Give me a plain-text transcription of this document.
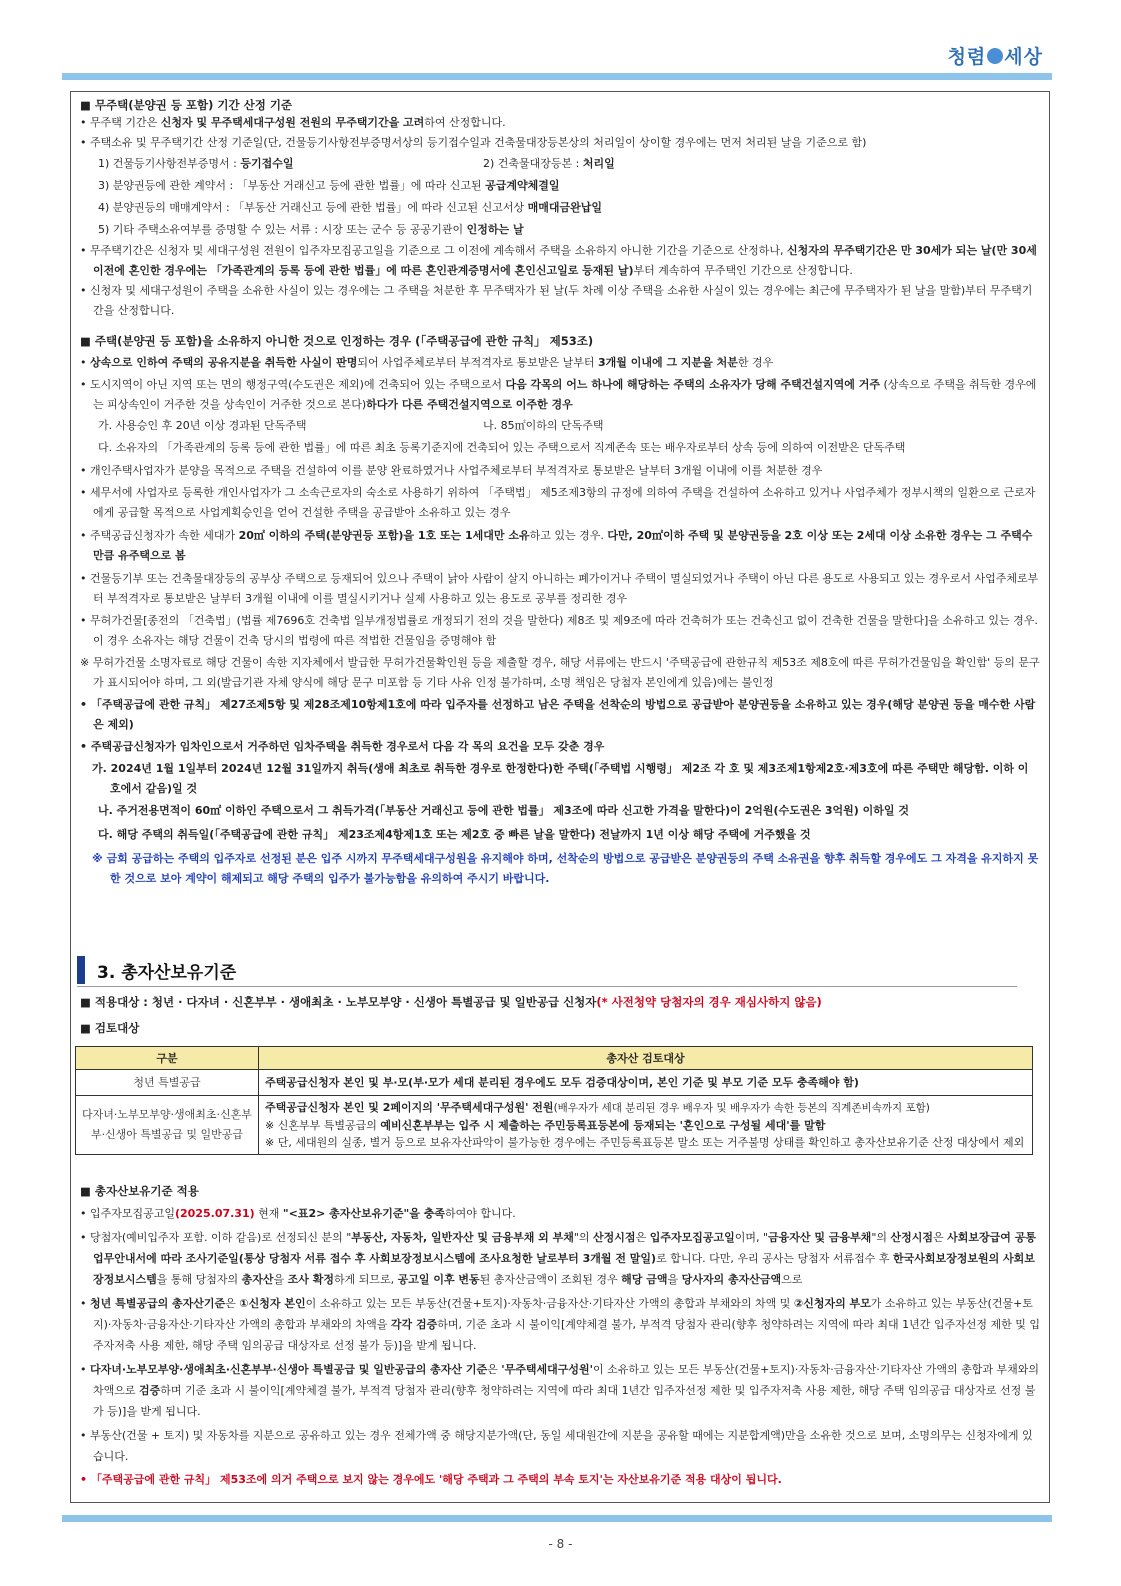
청렴 세상

■ 무주택(분양권 등 포함) 기간 산정 기준

• 무주택 기간은 신청자 및 무주택세대구성원 전원의 무주택기간을 고려하여 산정합니다.

• 주택소유 및 무주택기간 산정 기준일(단, 건물등기사항전부증명서상의 등기접수일과 건축물대장등본상의 처리일이 상이할 경우에는 먼저 처리된 날을 기준으로 함)

1) 건물등기사항전부증명서 : 등기접수일	2) 건축물대장등본 : 처리일

3) 분양권등에 관한 계약서 : 「부동산 거래신고 등에 관한 법률」에 따라 신고된 공급계약체결일

4) 분양권등의 매매계약서 : 「부동산 거래신고 등에 관한 법률」에 따라 신고된 신고서상 매매대금완납일

5) 기타 주택소유여부를 증명할 수 있는 서류 : 시장 또는 군수 등 공공기관이 인정하는 날

• 무주택기간은 신청자 및 세대구성원 전원이 입주자모집공고일을 기준으로 그 이전에 계속해서 주택을 소유하지 아니한 기간을 기준으로 산정하나, 신청자의 무주택기간은 만 30세가 되는 날(만 30세 이전에 혼인한 경우에는 「가족관계의 등록 등에 관한 법률」에 따른 혼인관계증명서에 혼인신고일로 등재된 날)부터 계속하여 무주택인 기간으로 산정합니다.

• 신청자 및 세대구성원이 주택을 소유한 사실이 있는 경우에는 그 주택을 처분한 후 무주택자가 된 날(두 차례 이상 주택을 소유한 사실이 있는 경우에는 최근에 무주택자가 된 날을 말함)부터 무주택기간을 산정합니다.

■ 주택(분양권 등 포함)을 소유하지 아니한 것으로 인정하는 경우 (「주택공급에 관한 규칙」 제53조)

• 상속으로 인하여 주택의 공유지분을 취득한 사실이 판명되어 사업주체로부터 부적격자로 통보받은 날부터 3개월 이내에 그 지분을 처분한 경우

• 도시지역이 아닌 지역 또는 면의 행정구역(수도권은 제외)에 건축되어 있는 주택으로서 다음 각목의 어느 하나에 해당하는 주택의 소유자가 당해 주택건설지역에 거주 (상속으로 주택을 취득한 경우에는 피상속인이 거주한 것을 상속인이 거주한 것으로 본다)하다가 다른 주택건설지역으로 이주한 경우

가. 사용승인 후 20년 이상 경과된 단독주택	나. 85㎡이하의 단독주택

다. 소유자의 「가족관계의 등록 등에 관한 법률」에 따른 최초 등록기준지에 건축되어 있는 주택으로서 직계존속 또는 배우자로부터 상속 등에 의하여 이전받은 단독주택

• 개인주택사업자가 분양을 목적으로 주택을 건설하여 이를 분양 완료하였거나 사업주체로부터 부적격자로 통보받은 날부터 3개월 이내에 이를 처분한 경우

• 세무서에 사업자로 등록한 개인사업자가 그 소속근로자의 숙소로 사용하기 위하여 「주택법」 제5조제3항의 규정에 의하여 주택을 건설하여 소유하고 있거나 사업주체가 정부시책의 일환으로 근로자에게 공급할 목적으로 사업계획승인을 얻어 건설한 주택을 공급받아 소유하고 있는 경우

• 주택공급신청자가 속한 세대가 20㎡ 이하의 주택(분양권등 포함)을 1호 또는 1세대만 소유하고 있는 경우. 다만, 20㎡이하 주택 및 분양권등을 2호 이상 또는 2세대 이상 소유한 경우는 그 주택수 만큼 유주택으로 봄

• 건물등기부 또는 건축물대장등의 공부상 주택으로 등재되어 있으나 주택이 낡아 사람이 살지 아니하는 폐가이거나 주택이 멸실되었거나 주택이 아닌 다른 용도로 사용되고 있는 경우로서 사업주체로부터 부적격자로 통보받은 날부터 3개월 이내에 이를 멸실시키거나 실제 사용하고 있는 용도로 공부를 정리한 경우

• 무허가건물[종전의 「건축법」(법률 제7696호 건축법 일부개정법률로 개정되기 전의 것을 말한다) 제8조 및 제9조에 따라 건축허가 또는 건축신고 없이 건축한 건물을 말한다]을 소유하고 있는 경우. 이 경우 소유자는 해당 건물이 건축 당시의 법령에 따른 적법한 건물임을 증명해야 함

※ 무허가건물 소명자료로 해당 건물이 속한 지자체에서 발급한 무허가건물확인원 등을 제출할 경우, 해당 서류에는 반드시 '주택공급에 관한규칙 제53조 제8호에 따른 무허가건물임을 확인함' 등의 문구가 표시되어야 하며, 그 외(발급기관 자체 양식에 해당 문구 미포함 등 기타 사유 인정 불가하며, 소명 책임은 당첨자 본인에게 있음)에는 불인정

• 「주택공급에 관한 규칙」 제27조제5항 및 제28조제10항제1호에 따라 입주자를 선정하고 남은 주택을 선착순의 방법으로 공급받아 분양권등을 소유하고 있는 경우(해당 분양권 등을 매수한 사람은 제외)

• 주택공급신청자가 임차인으로서 거주하던 임차주택을 취득한 경우로서 다음 각 목의 요건을 모두 갖춘 경우

가. 2024년 1월 1일부터 2024년 12월 31일까지 취득(생애 최초로 취득한 경우로 한정한다)한 주택(「주택법 시행령」 제2조 각 호 및 제3조제1항제2호·제3호에 따른 주택만 해당함. 이하 이 호에서 같음)일 것

나. 주거전용면적이 60㎡ 이하인 주택으로서 그 취득가격(「부동산 거래신고 등에 관한 법률」 제3조에 따라 신고한 가격을 말한다)이 2억원(수도권은 3억원) 이하일 것

다. 해당 주택의 취득일(「주택공급에 관한 규칙」 제23조제4항제1호 또는 제2호 중 빠른 날을 말한다) 전날까지 1년 이상 해당 주택에 거주했을 것

※ 금회 공급하는 주택의 입주자로 선정된 분은 입주 시까지 무주택세대구성원을 유지해야 하며, 선착순의 방법으로 공급받은 분양권등의 주택 소유권을 향후 취득할 경우에도 그 자격을 유지하지 못한 것으로 보아 계약이 해제되고 해당 주택의 입주가 불가능함을 유의하여 주시기 바랍니다.

3. 총자산보유기준

■ 적용대상 : 청년 · 다자녀 · 신혼부부 · 생애최초 · 노부모부양 · 신생아 특별공급 및 일반공급 신청자(* 사전청약 당첨자의 경우 재심사하지 않음)

■ 검토대상

구분	총자산 검토대상
청년 특별공급	주택공급신청자 본인 및 부·모(부·모가 세대 분리된 경우에도 모두 검증대상이며, 본인 기준 및 부모 기준 모두 충족해야 함)
다자녀·노부모부양·생애최초·신혼부부·신생아 특별공급 및 일반공급	주택공급신청자 본인 및 2페이지의 '무주택세대구성원' 전원(배우자가 세대 분리된 경우 배우자 및 배우자가 속한 등본의 직계존비속까지 포함)
※ 신혼부부 특별공급의 예비신혼부부는 입주 시 제출하는 주민등록표등본에 등재되는 '혼인으로 구성될 세대'를 말함
※ 단, 세대원의 실종, 별거 등으로 보유자산파악이 불가능한 경우에는 주민등록표등본 말소 또는 거주불명 상태를 확인하고 총자산보유기준 산정 대상에서 제외

■ 총자산보유기준 적용

• 입주자모집공고일(2025.07.31) 현재 "<표2> 총자산보유기준"을 충족하여야 합니다.

• 당첨자(예비입주자 포함. 이하 같음)로 선정되신 분의 "부동산, 자동차, 일반자산 및 금융부채 외 부채"의 산정시점은 입주자모집공고일이며, "금융자산 및 금융부채"의 산정시점은 사회보장급여 공통업무안내서에 따라 조사기준일(통상 당첨자 서류 접수 후 사회보장정보시스템에 조사요청한 날로부터 3개월 전 말일)로 합니다. 다만, 우리 공사는 당첨자 서류접수 후 한국사회보장정보원의 사회보장정보시스템을 통해 당첨자의 총자산을 조사 확정하게 되므로, 공고일 이후 변동된 총자산금액이 조회된 경우 해당 금액을 당사자의 총자산금액으로

• 청년 특별공급의 총자산기준은 ①신청자 본인이 소유하고 있는 모든 부동산(건물+토지)·자동차·금융자산·기타자산 가액의 총합과 부채와의 차액 및 ②신청자의 부모가 소유하고 있는 부동산(건물+토지)·자동차·금융자산·기타자산 가액의 총합과 부채와의 차액을 각각 검증하며, 기준 초과 시 불이익[계약체결 불가, 부적격 당첨자 관리(향후 청약하려는 지역에 따라 최대 1년간 입주자선정 제한 및 입주자저축 사용 제한, 해당 주택 임의공급 대상자로 선정 불가 등)]을 받게 됩니다.

• 다자녀·노부모부양·생애최초·신혼부부·신생아 특별공급 및 일반공급의 총자산 기준은 '무주택세대구성원'이 소유하고 있는 모든 부동산(건물+토지)·자동차·금융자산·기타자산 가액의 총합과 부채와의 차액으로 검증하며 기준 초과 시 불이익[계약체결 불가, 부적격 당첨자 관리(향후 청약하려는 지역에 따라 최대 1년간 입주자선정 제한 및 입주자저축 사용 제한, 해당 주택 임의공급 대상자로 선정 불가 등)]을 받게 됩니다.

• 부동산(건물 + 토지) 및 자동차를 지분으로 공유하고 있는 경우 전체가액 중 해당지분가액(단, 동일 세대원간에 지분을 공유할 때에는 지분합계액)만을 소유한 것으로 보며, 소명의무는 신청자에게 있습니다.

• 「주택공급에 관한 규칙」 제53조에 의거 주택으로 보지 않는 경우에도 '해당 주택과 그 주택의 부속 토지'는 자산보유기준 적용 대상이 됩니다.

- 8 -
